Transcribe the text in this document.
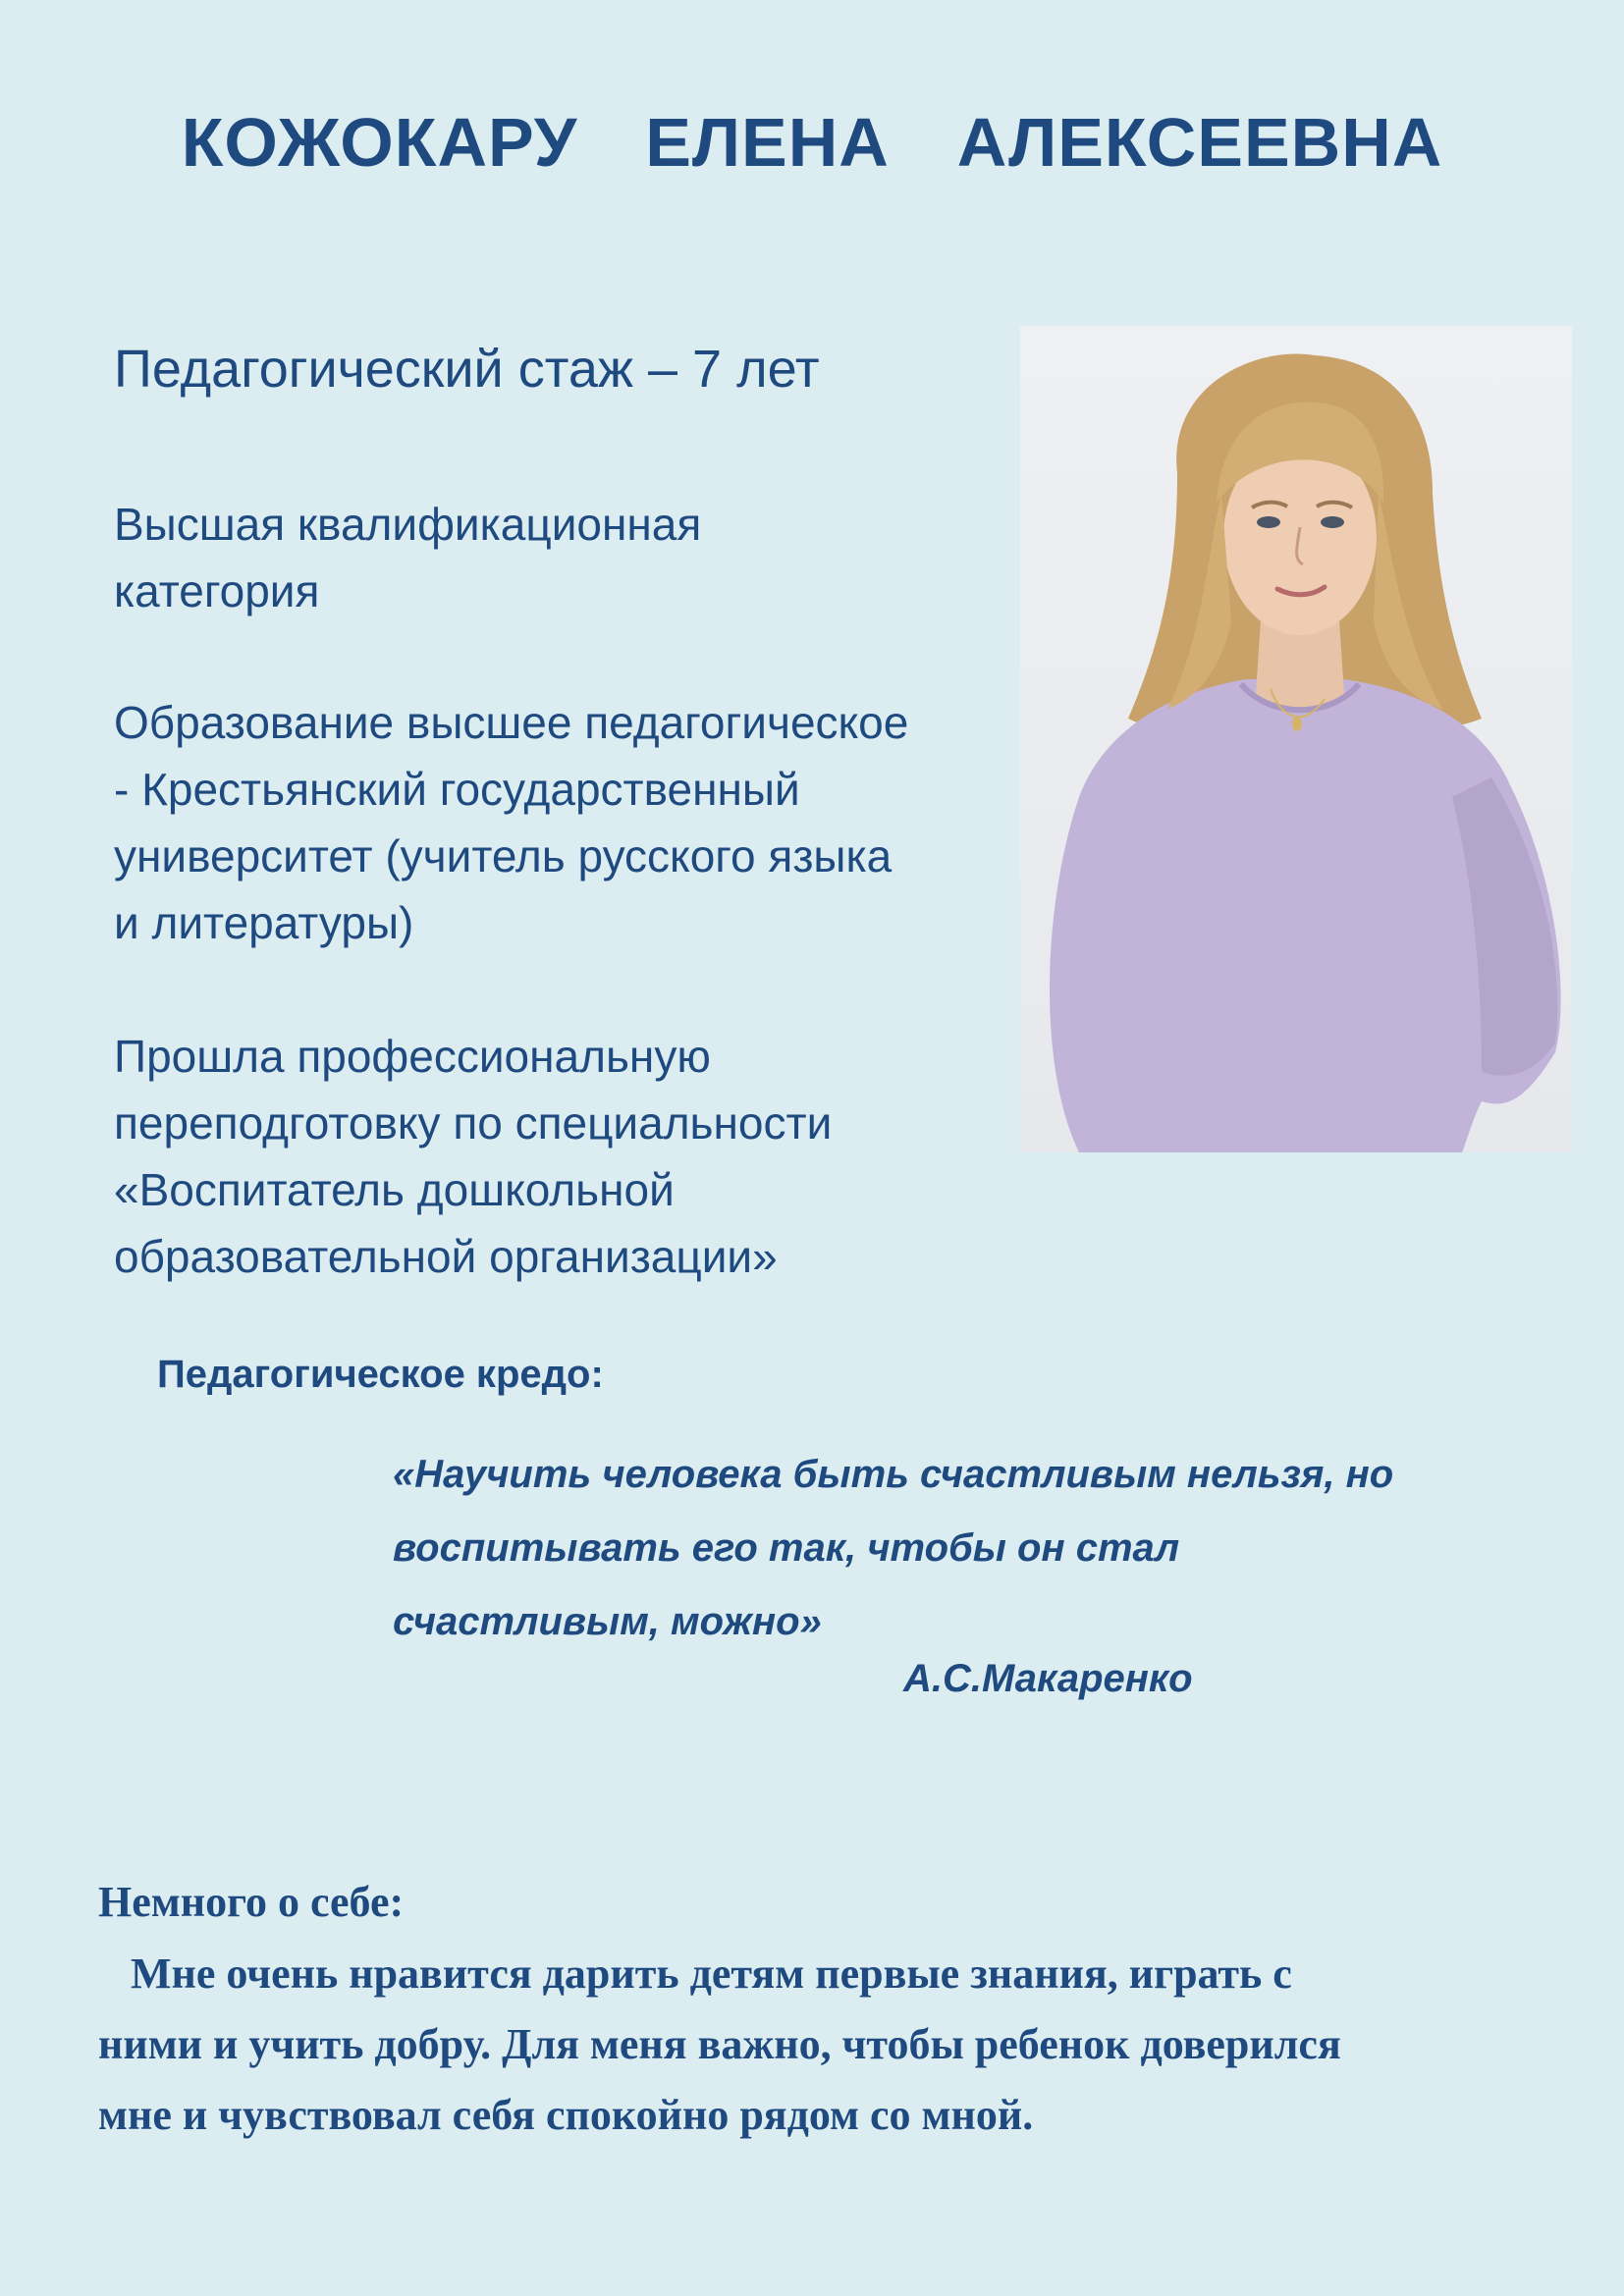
КОЖОКАРУ  ЕЛЕНА  АЛЕКСЕЕВНА
Педагогический стаж – 7 лет

Высшая квалификационная

категория

Образование высшее педагогическое

- Крестьянский государственный

университет (учитель русского языка

и литературы)

Прошла профессиональную

переподготовку по специальности

«Воспитатель дошкольной

образовательной организации»

Педагогическое кредо:

«Научить человека быть счастливым нельзя, но

воспитывать его так, чтобы он стал

счастливым, можно»

А.С.Макаренко
Немного о себе:

Мне очень нравится дарить детям первые знания, играть с

ними и учить добру. Для меня важно, чтобы ребенок доверился

мне и чувствовал себя спокойно рядом со мной.
